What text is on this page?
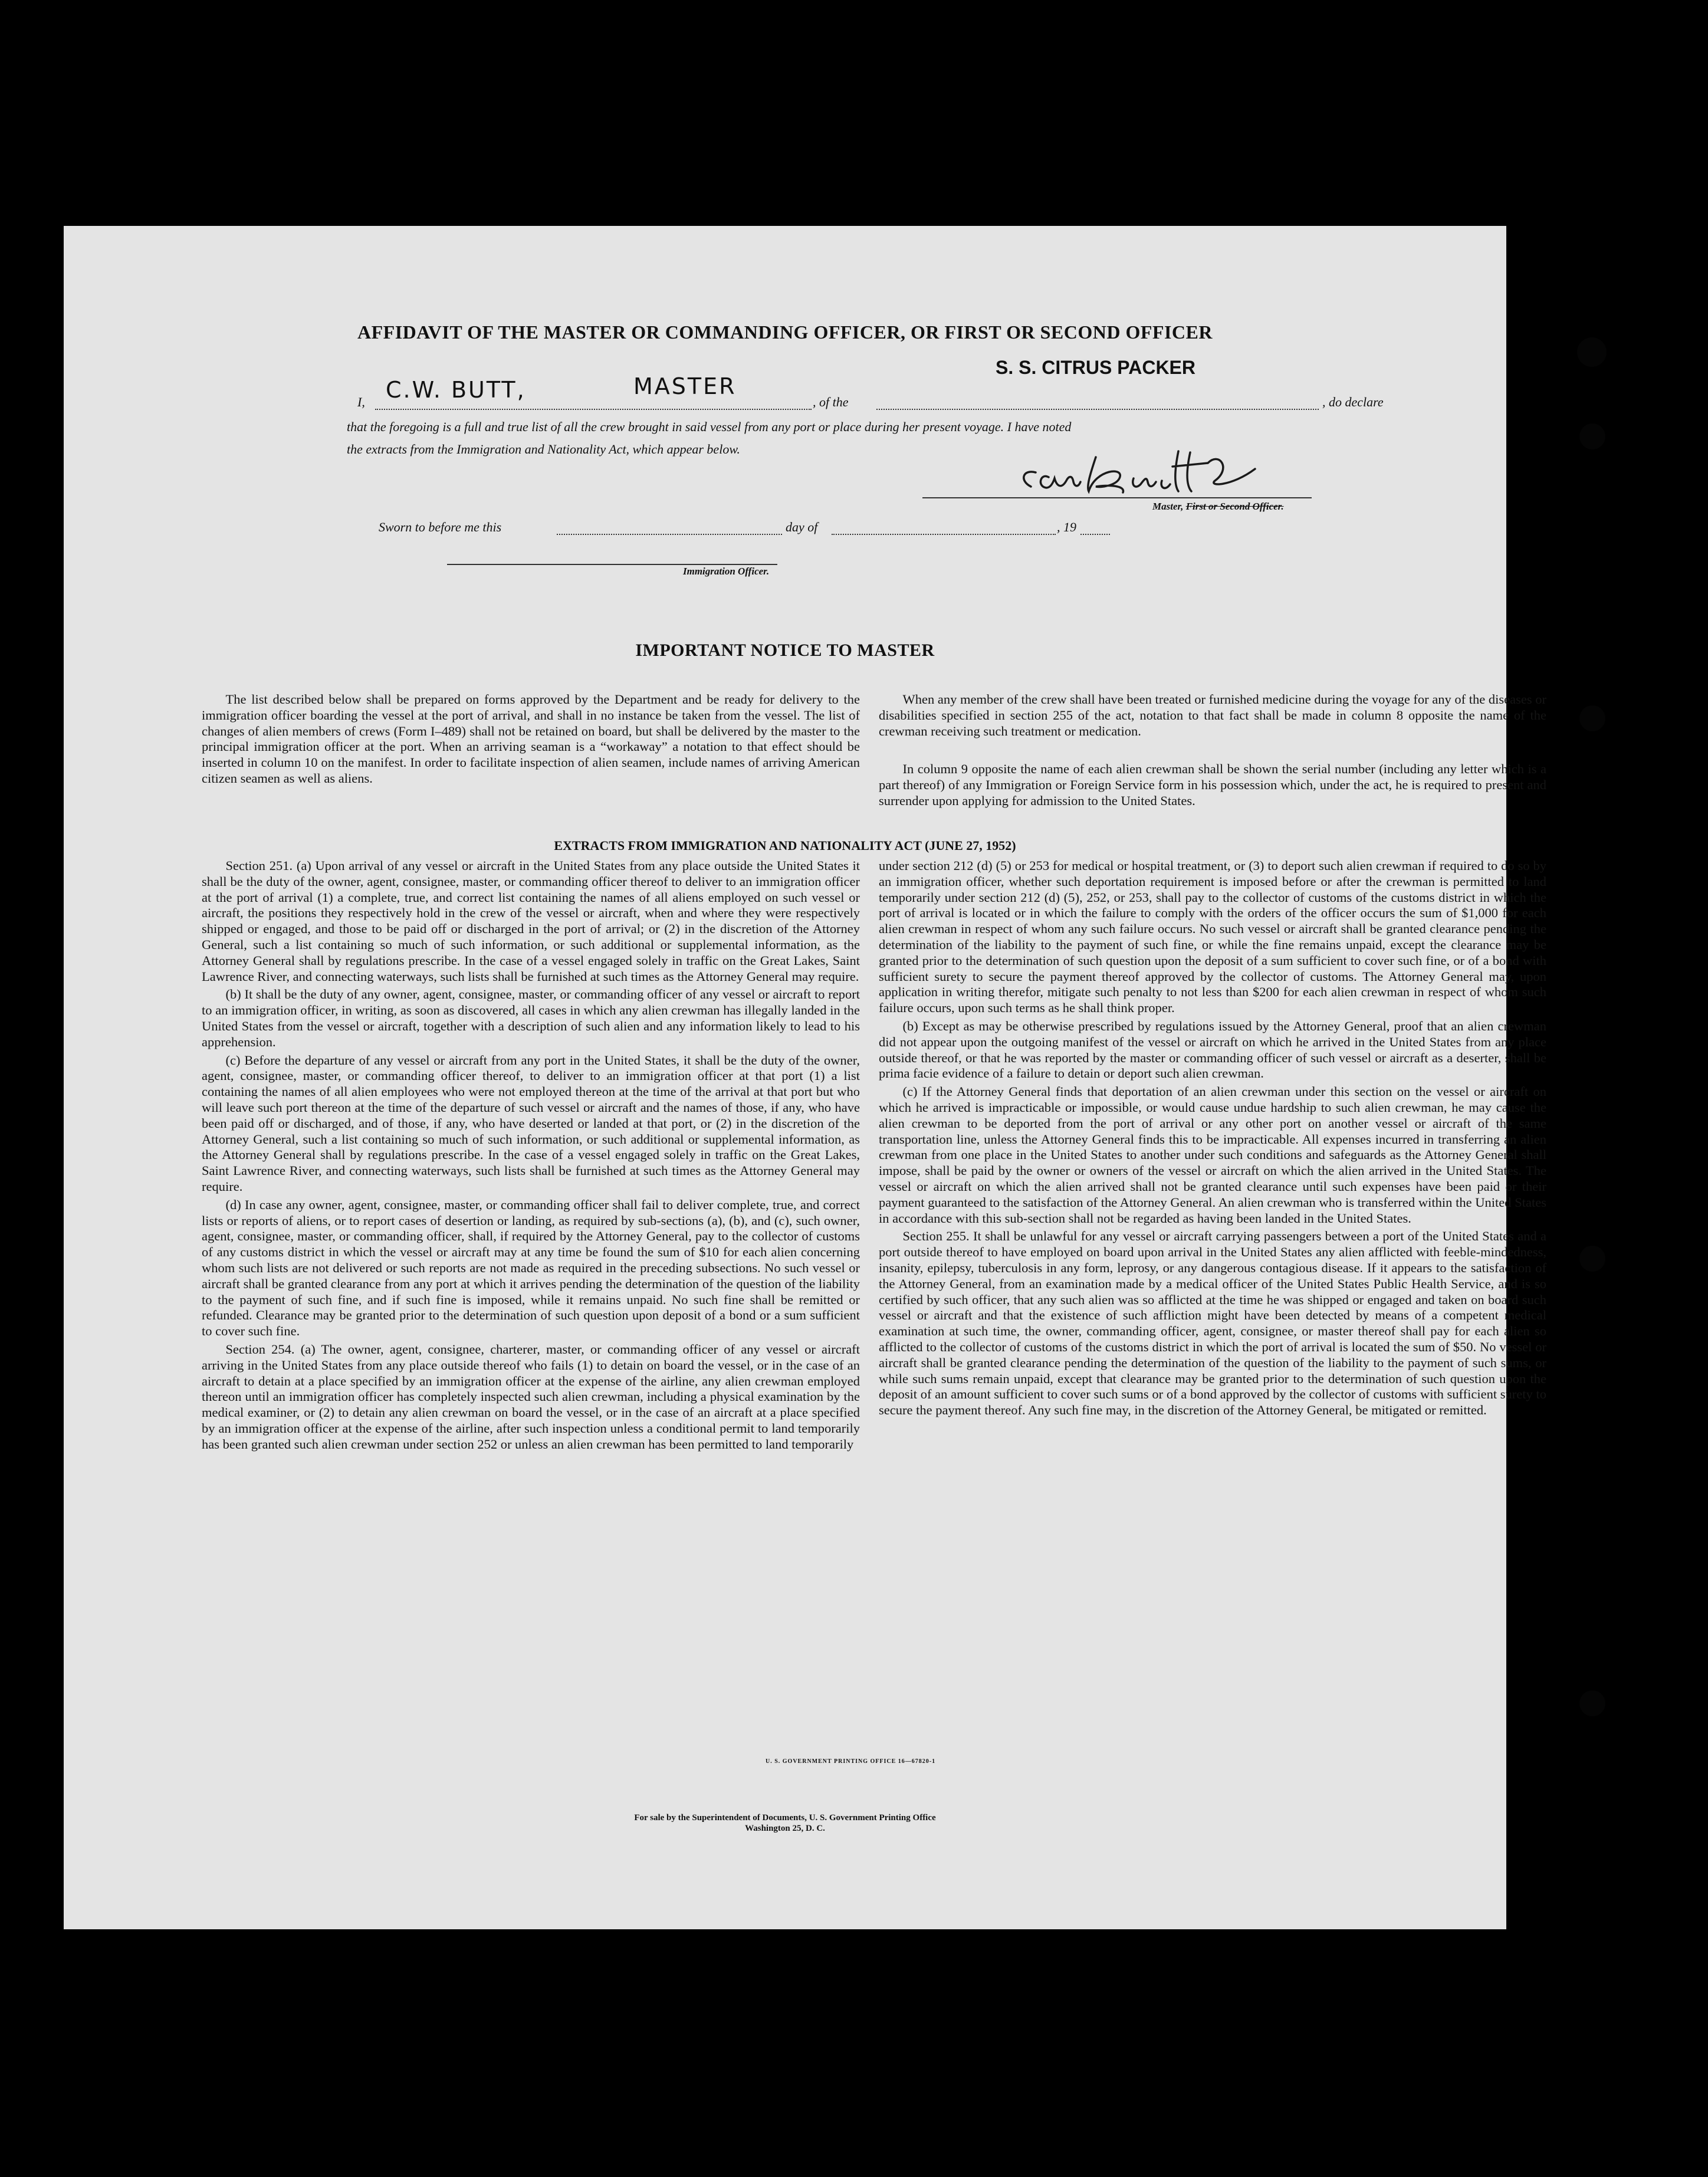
AFFIDAVIT OF THE MASTER OR COMMANDING OFFICER, OR FIRST OR SECOND OFFICER
S. S. CITRUS PACKER
I, C.W. BUTT,	MASTER
, of the	, do declare
that the foregoing is a full and true list of all the crew brought in said vessel from any port or place during her present voyage. I have noted
the extracts from the Immigration and Nationality Act, which appear below.
Master, First or Second Officer.
Sworn to before me this	day of	, 19
Immigration Officer.
IMPORTANT NOTICE TO MASTER

The list described below shall be prepared on forms approved by the Department and be ready for delivery to the immigration officer boarding the vessel at the port of arrival, and shall in no instance be taken from the vessel. The list of changes of alien members of crews (Form I–489) shall not be retained on board, but shall be delivered by the master to the principal immigration officer at the port. When an arriving seaman is a “workaway” a notation to that effect should be inserted in column 10 on the manifest. In order to facilitate inspection of alien seamen, include names of arriving American citizen seamen as well as aliens.

When any member of the crew shall have been treated or furnished medicine during the voyage for any of the diseases or disabilities specified in section 255 of the act, notation to that fact shall be made in column 8 opposite the name of the crewman receiving such treatment or medication.

In column 9 opposite the name of each alien crewman shall be shown the serial number (including any letter which is a part thereof) of any Immigration or Foreign Service form in his possession which, under the act, he is required to present and surrender upon applying for admission to the United States.

EXTRACTS FROM IMMIGRATION AND NATIONALITY ACT (JUNE 27, 1952)

Section 251. (a) Upon arrival of any vessel or aircraft in the United States from any place outside the United States it shall be the duty of the owner, agent, consignee, master, or commanding officer thereof to deliver to an immigration officer at the port of arrival (1) a complete, true, and correct list containing the names of all aliens employed on such vessel or aircraft, the positions they respectively hold in the crew of the vessel or aircraft, when and where they were respectively shipped or engaged, and those to be paid off or discharged in the port of arrival; or (2) in the discretion of the Attorney General, such a list containing so much of such information, or such additional or supplemental information, as the Attorney General shall by regulations prescribe. In the case of a vessel engaged solely in traffic on the Great Lakes, Saint Lawrence River, and connecting waterways, such lists shall be furnished at such times as the Attorney General may require.

(b) It shall be the duty of any owner, agent, consignee, master, or commanding officer of any vessel or aircraft to report to an immigration officer, in writing, as soon as discovered, all cases in which any alien crewman has illegally landed in the United States from the vessel or aircraft, together with a description of such alien and any information likely to lead to his apprehension.

(c) Before the departure of any vessel or aircraft from any port in the United States, it shall be the duty of the owner, agent, consignee, master, or commanding officer thereof, to deliver to an immigration officer at that port (1) a list containing the names of all alien employees who were not employed thereon at the time of the arrival at that port but who will leave such port thereon at the time of the departure of such vessel or aircraft and the names of those, if any, who have been paid off or discharged, and of those, if any, who have deserted or landed at that port, or (2) in the discretion of the Attorney General, such a list containing so much of such information, or such additional or supplemental information, as the Attorney General shall by regulations prescribe. In the case of a vessel engaged solely in traffic on the Great Lakes, Saint Lawrence River, and connecting waterways, such lists shall be furnished at such times as the Attorney General may require.

(d) In case any owner, agent, consignee, master, or commanding officer shall fail to deliver complete, true, and correct lists or reports of aliens, or to report cases of desertion or landing, as required by sub-sections (a), (b), and (c), such owner, agent, consignee, master, or commanding officer, shall, if required by the Attorney General, pay to the collector of customs of any customs district in which the vessel or aircraft may at any time be found the sum of $10 for each alien concerning whom such lists are not delivered or such reports are not made as required in the preceding subsections. No such vessel or aircraft shall be granted clearance from any port at which it arrives pending the determination of the question of the liability to the payment of such fine, and if such fine is imposed, while it remains unpaid. No such fine shall be remitted or refunded. Clearance may be granted prior to the determination of such question upon deposit of a bond or a sum sufficient to cover such fine.

Section 254. (a) The owner, agent, consignee, charterer, master, or commanding officer of any vessel or aircraft arriving in the United States from any place outside thereof who fails (1) to detain on board the vessel, or in the case of an aircraft to detain at a place specified by an immigration officer at the expense of the airline, any alien crewman employed thereon until an immigration officer has completely inspected such alien crewman, including a physical examination by the medical examiner, or (2) to detain any alien crewman on board the vessel, or in the case of an aircraft at a place specified by an immigration officer at the expense of the airline, after such inspection unless a conditional permit to land temporarily has been granted such alien crewman under section 252 or unless an alien crewman has been permitted to land temporarily

under section 212 (d) (5) or 253 for medical or hospital treatment, or (3) to deport such alien crewman if required to do so by an immigration officer, whether such deportation requirement is imposed before or after the crewman is permitted to land temporarily under section 212 (d) (5), 252, or 253, shall pay to the collector of customs of the customs district in which the port of arrival is located or in which the failure to comply with the orders of the officer occurs the sum of $1,000 for each alien crewman in respect of whom any such failure occurs. No such vessel or aircraft shall be granted clearance pending the determination of the liability to the payment of such fine, or while the fine remains unpaid, except the clearance may be granted prior to the determination of such question upon the deposit of a sum sufficient to cover such fine, or of a bond with sufficient surety to secure the payment thereof approved by the collector of customs. The Attorney General may, upon application in writing therefor, mitigate such penalty to not less than $200 for each alien crewman in respect of whom such failure occurs, upon such terms as he shall think proper.

(b) Except as may be otherwise prescribed by regulations issued by the Attorney General, proof that an alien crewman did not appear upon the outgoing manifest of the vessel or aircraft on which he arrived in the United States from any place outside thereof, or that he was reported by the master or commanding officer of such vessel or aircraft as a deserter, shall be prima facie evidence of a failure to detain or deport such alien crewman.

(c) If the Attorney General finds that deportation of an alien crewman under this section on the vessel or aircraft on which he arrived is impracticable or impossible, or would cause undue hardship to such alien crewman, he may cause the alien crewman to be deported from the port of arrival or any other port on another vessel or aircraft of the same transportation line, unless the Attorney General finds this to be impracticable. All expenses incurred in transferring an alien crewman from one place in the United States to another under such conditions and safeguards as the Attorney General shall impose, shall be paid by the owner or owners of the vessel or aircraft on which the alien arrived in the United States. The vessel or aircraft on which the alien arrived shall not be granted clearance until such expenses have been paid or their payment guaranteed to the satisfaction of the Attorney General. An alien crewman who is transferred within the United States in accordance with this sub-section shall not be regarded as having been landed in the United States.

Section 255. It shall be unlawful for any vessel or aircraft carrying passengers between a port of the United States and a port outside thereof to have employed on board upon arrival in the United States any alien afflicted with feeble-mindedness, insanity, epilepsy, tuberculosis in any form, leprosy, or any dangerous contagious disease. If it appears to the satisfaction of the Attorney General, from an examination made by a medical officer of the United States Public Health Service, and is so certified by such officer, that any such alien was so afflicted at the time he was shipped or engaged and taken on board such vessel or aircraft and that the existence of such affliction might have been detected by means of a competent medical examination at such time, the owner, commanding officer, agent, consignee, or master thereof shall pay for each alien so afflicted to the collector of customs of the customs district in which the port of arrival is located the sum of $50. No vessel or aircraft shall be granted clearance pending the determination of the question of the liability to the payment of such sums, or while such sums remain unpaid, except that clearance may be granted prior to the determination of such question upon the deposit of an amount sufficient to cover such sums or of a bond approved by the collector of customs with sufficient surety to secure the payment thereof. Any such fine may, in the discretion of the Attorney General, be mitigated or remitted.

U. S. GOVERNMENT PRINTING OFFICE 16—67820-1
For sale by the Superintendent of Documents, U. S. Government Printing Office
Washington 25, D. C.
